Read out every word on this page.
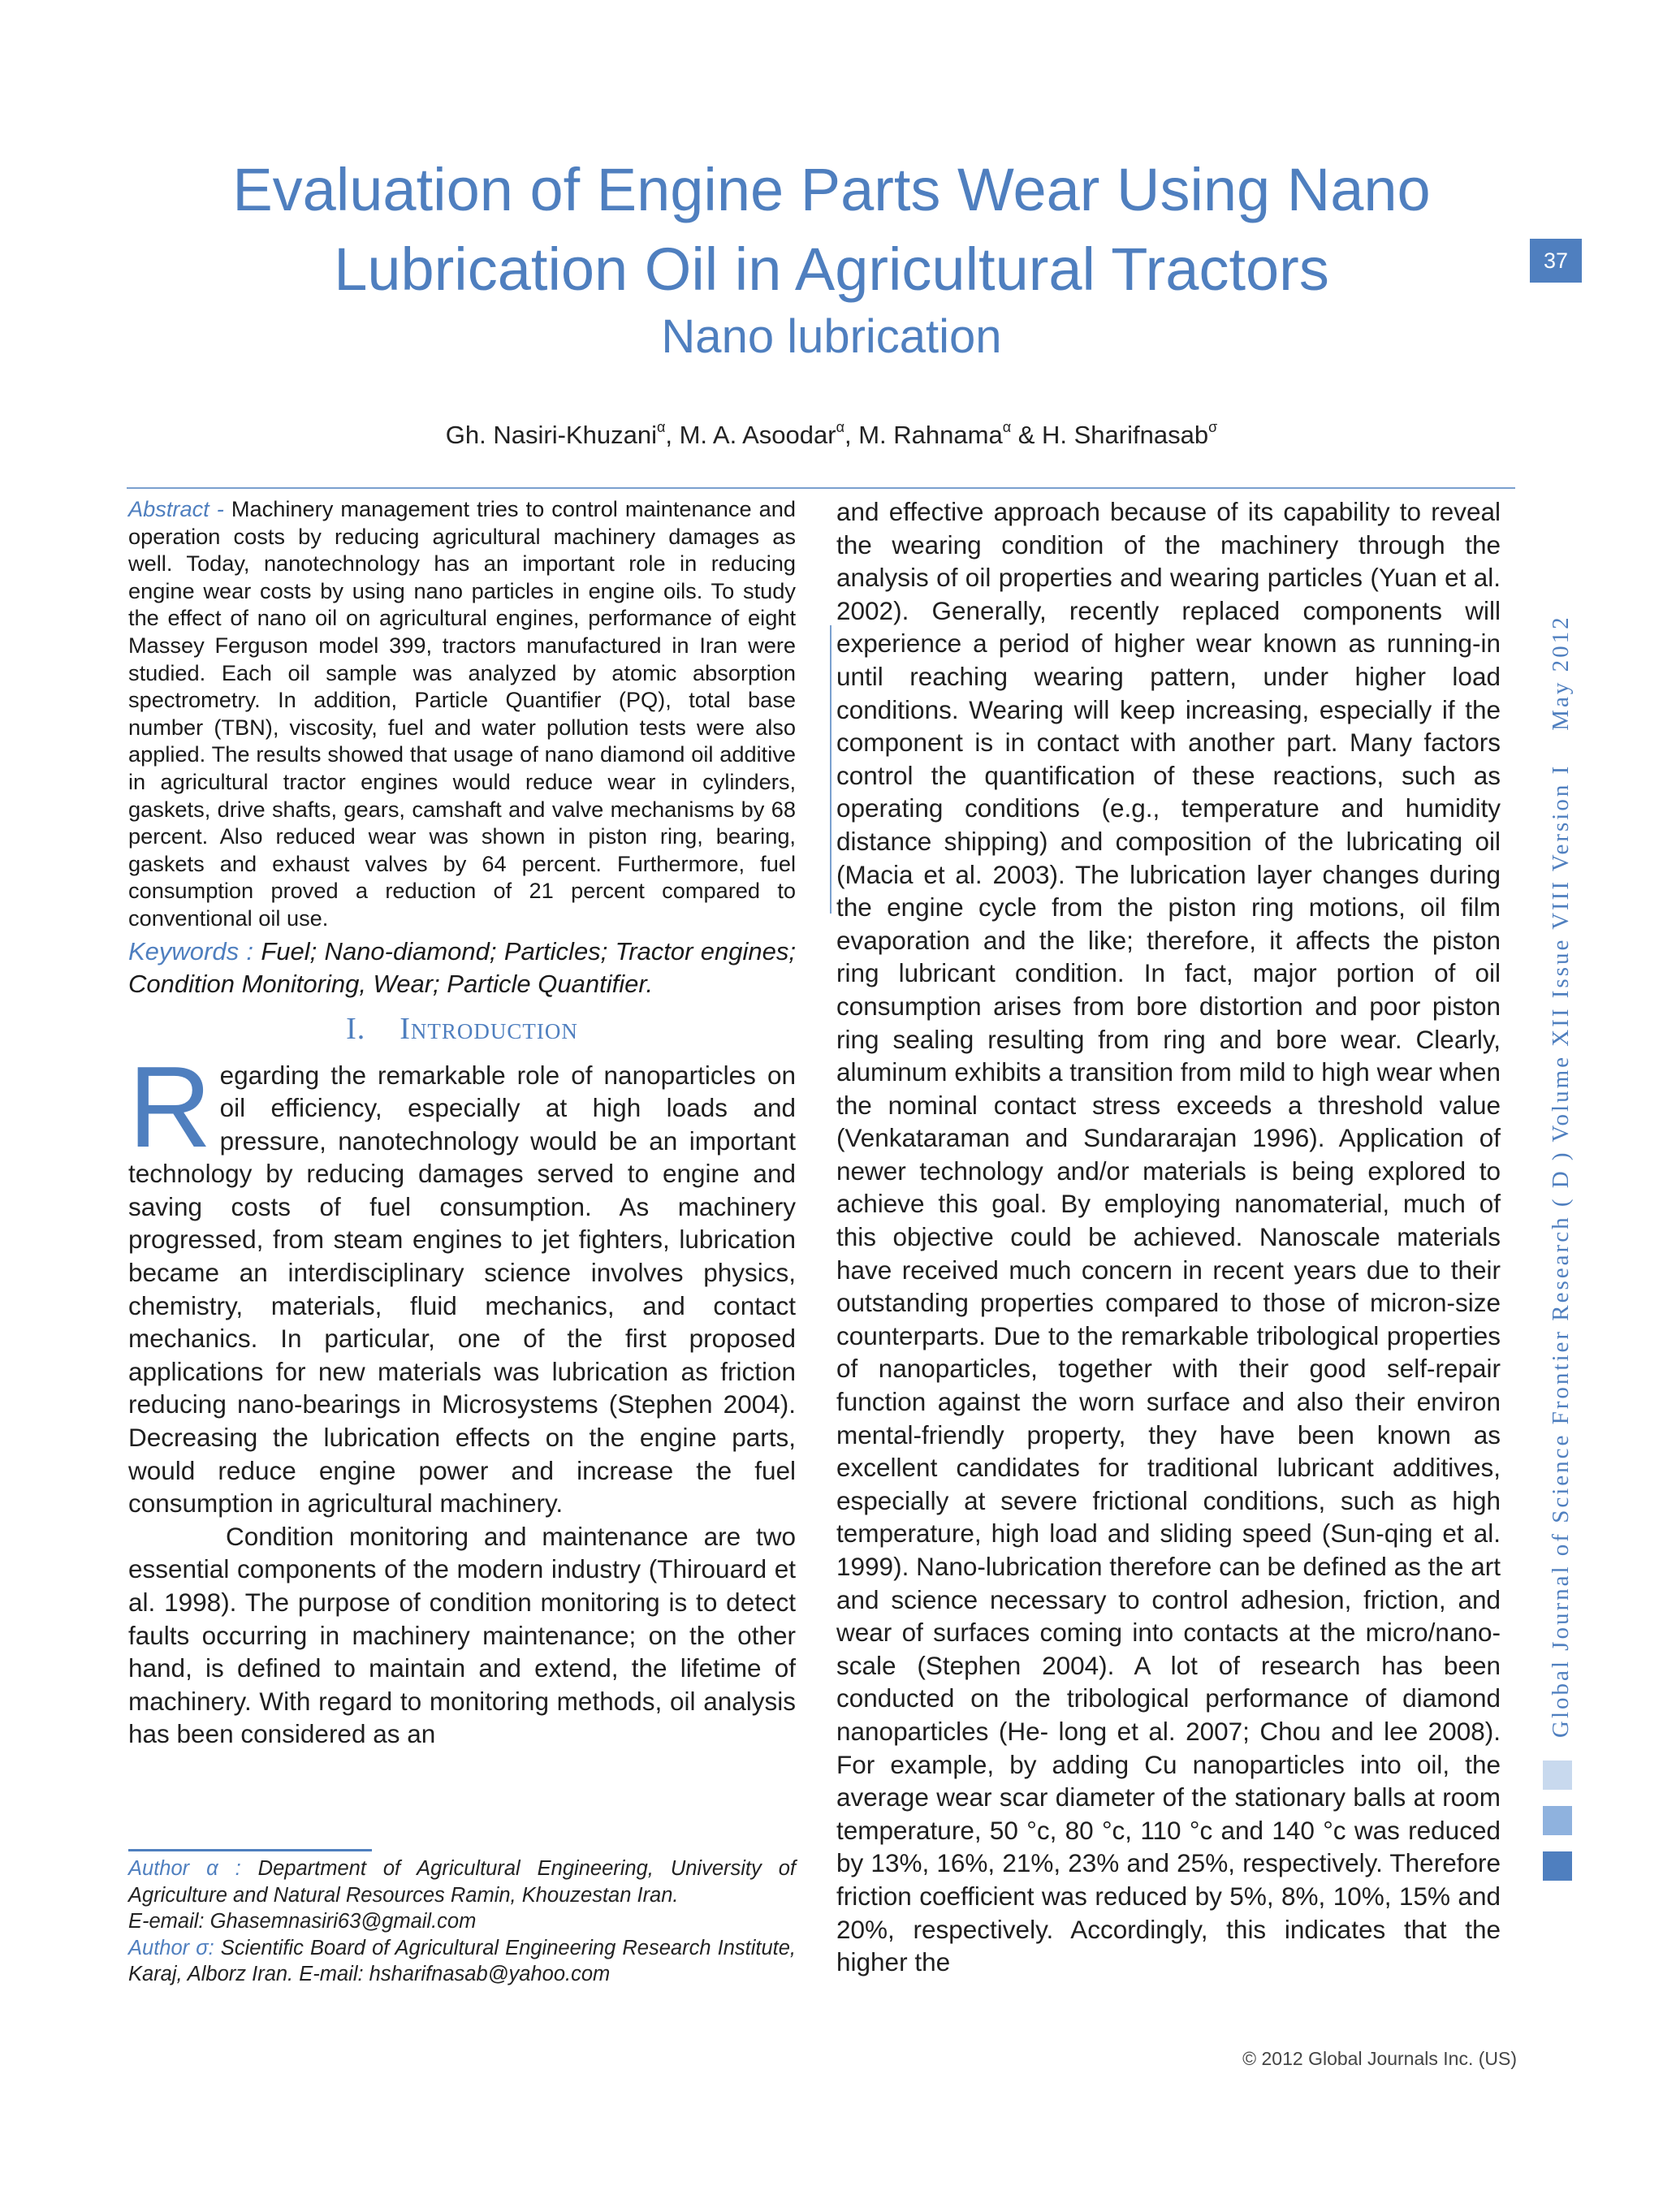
Evaluation of Engine Parts Wear Using Nano
Lubrication Oil in Agricultural Tractors
Nano lubrication
Gh. Nasiri-Khuzani$^\alpha$, M. A. Asoodar$^\alpha$, M. Rahnama$^\alpha$ & H. Sharifnasab$^\sigma$

Abstract - Machinery management tries to control maintenance and operation costs by reducing agricultural machinery damages as well. Today, nanotechnology has an important role in reducing engine wear costs by using nano particles in engine oils. To study the effect of nano oil on agricultural engines, performance of eight Massey Ferguson model 399, tractors manufactured in Iran were studied. Each oil sample was analyzed by atomic absorption spectrometry. In addition, Particle Quantifier (PQ), total base number (TBN), viscosity, fuel and water pollution tests were also applied. The results showed that usage of nano diamond oil additive in agricultural tractor engines would reduce wear in cylinders, gaskets, drive shafts, gears, camshaft and valve mechanisms by 68 percent. Also reduced wear was shown in piston ring, bearing, gaskets and exhaust valves by 64 percent. Furthermore, fuel consumption proved a reduction of 21 percent compared to conventional oil use.

Keywords : Fuel; Nano-diamond; Particles; Tractor engines; Condition Monitoring, Wear; Particle Quantifier.

I. Introduction

Regarding the remarkable role of nanoparticles on oil efficiency, especially at high loads and pressure, nanotechnology would be an important technology by reducing damages served to engine and saving costs of fuel consumption. As machinery progressed, from steam engines to jet fighters, lubrication became an interdisciplinary science involves physics, chemistry, materials, fluid mechanics, and contact mechanics. In particular, one of the first proposed applications for new materials was lubrication as friction reducing nano-bearings in Microsystems (Stephen 2004). Decreasing the lubrication effects on the engine parts, would reduce engine power and increase the fuel consumption in agricultural machinery.

Condition monitoring and maintenance are two essential components of the modern industry (Thirouard et al. 1998). The purpose of condition monitoring is to detect faults occurring in machinery maintenance; on the other hand, is defined to maintain and extend, the lifetime of machinery. With regard to monitoring methods, oil analysis has been considered as an

Author α : Department of Agricultural Engineering, University of Agriculture and Natural Resources Ramin, Khouzestan Iran.
E-email: Ghasemnasiri63@gmail.com

Author σ: Scientific Board of Agricultural Engineering Research Institute, Karaj, Alborz Iran. E-mail: hsharifnasab@yahoo.com

and effective approach because of its capability to reveal the wearing condition of the machinery through the analysis of oil properties and wearing particles (Yuan et al. 2002). Generally, recently replaced components will experience a period of higher wear known as running-in until reaching wearing pattern, under higher load conditions. Wearing will keep increasing, especially if the component is in contact with another part. Many factors control the quantification of these reactions, such as operating conditions (e.g., temperature and humidity distance shipping) and composition of the lubricating oil (Macia et al. 2003). The lubrication layer changes during the engine cycle from the piston ring motions, oil film evaporation and the like; therefore, it affects the piston ring lubricant condition. In fact, major portion of oil consumption arises from bore distortion and poor piston ring sealing resulting from ring and bore wear. Clearly, aluminum exhibits a transition from mild to high wear when the nominal contact stress exceeds a threshold value (Venkataraman and Sundararajan 1996). Application of newer technology and/or materials is being explored to achieve this goal. By employing nanomaterial, much of this objective could be achieved. Nanoscale materials have received much concern in recent years due to their outstanding properties compared to those of micron-size counterparts. Due to the remarkable tribological properties of nanoparticles, together with their good self-repair function against the worn surface and also their environ mental-friendly property, they have been known as excellent candidates for traditional lubricant additives, especially at severe frictional conditions, such as high temperature, high load and sliding speed (Sun-qing et al. 1999). Nano-lubrication therefore can be defined as the art and science necessary to control adhesion, friction, and wear of surfaces coming into contacts at the micro/nano-scale (Stephen 2004). A lot of research has been conducted on the tribological performance of diamond nanoparticles (He- long et al. 2007; Chou and lee 2008). For example, by adding Cu nanoparticles into oil, the average wear scar diameter of the stationary balls at room temperature, 50 °c, 80 °c, 110 °c and 140 °c was reduced by 13%, 16%, 21%, 23% and 25%, respectively. Therefore friction coefficient was reduced by 5%, 8%, 10%, 15% and 20%, respectively. Accordingly, this indicates that the higher the

Global Journal of Science Frontier Research ( D ) Volume XII Issue VIII Version I    May 2012
37
© 2012 Global Journals Inc. (US)
